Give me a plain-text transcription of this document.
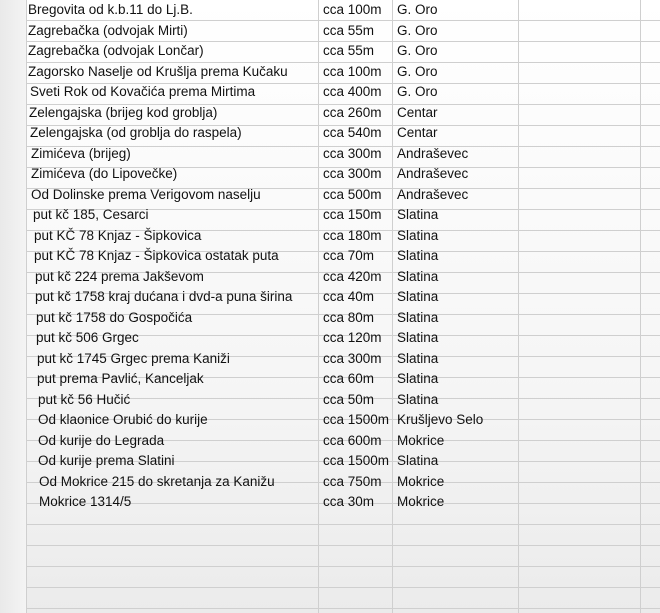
Bregovita od k.b.11 do Lj.B.	cca 100m	G. Oro
Zagrebačka (odvojak Mirti)	cca 55m	G. Oro
Zagrebačka (odvojak Lončar)	cca 55m	G. Oro
Zagorsko Naselje od Krušlja prema Kučaku	cca 100m	G. Oro
Sveti Rok od Kovačića prema Mirtima	cca 400m	G. Oro
Zelengajska (brijeg kod groblja)	cca 260m	Centar
Zelengajska (od groblja do raspela)	cca 540m	Centar
Zimićeva (brijeg)	cca 300m	Andraševec
Zimićeva (do Lipovečke)	cca 300m	Andraševec
Od Dolinske prema Verigovom naselju	cca 500m	Andraševec
put kč 185, Cesarci	cca 150m	Slatina
put KČ 78 Knjaz - Šipkovica	cca 180m	Slatina
put KČ 78 Knjaz - Šipkovica ostatak puta	cca 70m	Slatina
put kč 224 prema Jakševom	cca 420m	Slatina
put kč 1758 kraj dućana i dvd-a puna širina	cca 40m	Slatina
put kč 1758 do Gospočića	cca 80m	Slatina
put kč 506 Grgec	cca 120m	Slatina
put kč 1745 Grgec prema Kaniži	cca 300m	Slatina
put prema Pavlić, Kanceljak	cca 60m	Slatina
put kč 56 Hučić	cca 50m	Slatina
Od klaonice Orubić do kurije	cca 1500m Krušljevo Selo
Od kurije do Legrada	cca 600m	Mokrice
Od kurije prema Slatini	cca 1500m Slatina
Od Mokrice 215 do skretanja za Kanižu	cca 750m	Mokrice
Mokrice 1314/5	cca 30m	Mokrice
